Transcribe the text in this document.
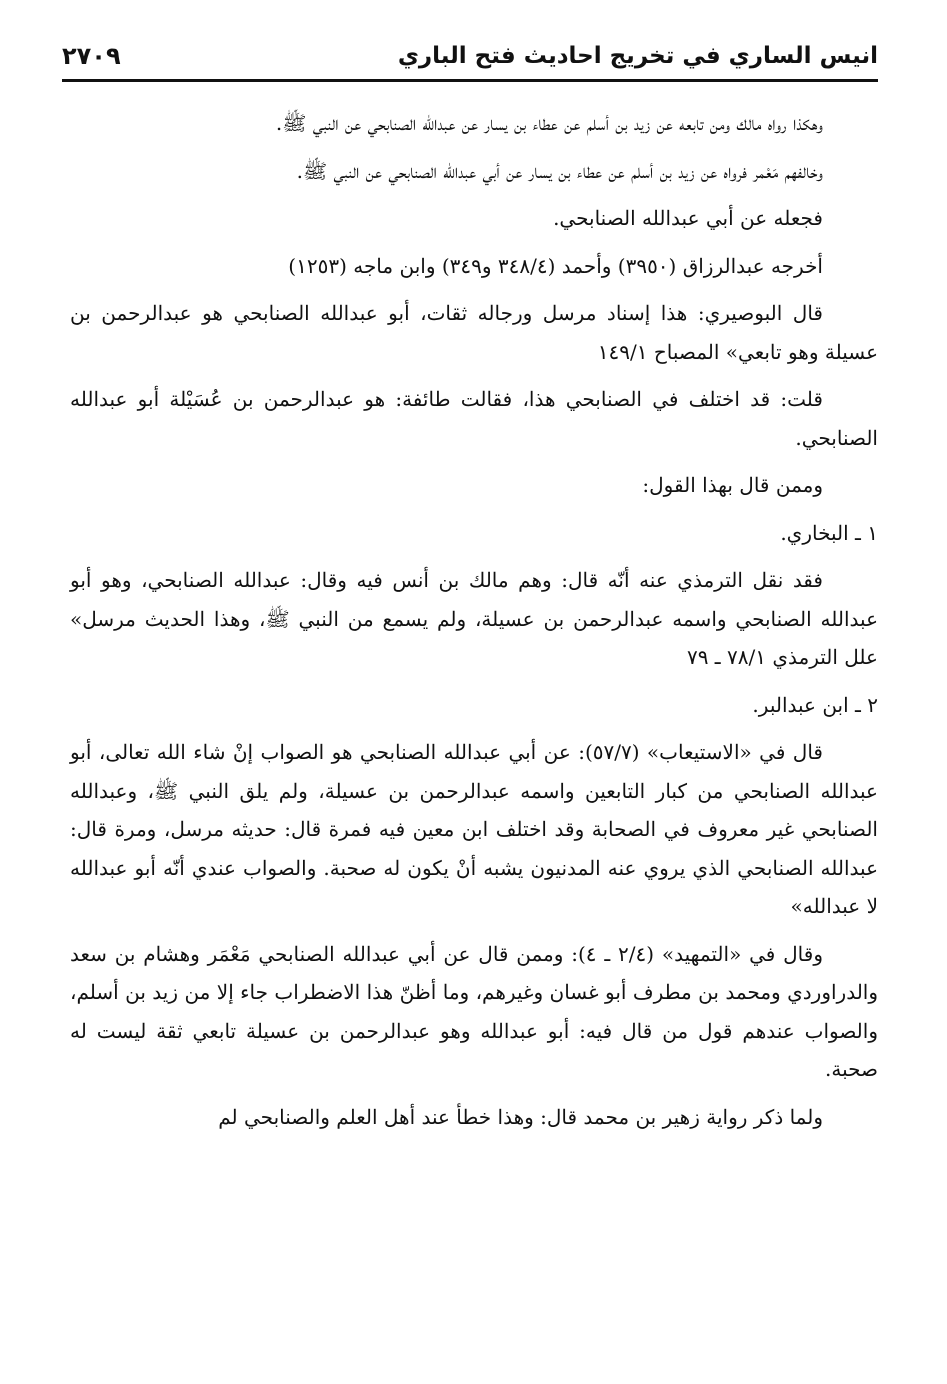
انيس الساري في تخريج احاديث فتح الباري
٢٧٠٩

وهكذا رواه مالك ومن تابعه عن زيد بن أسلم عن عطاء بن يسار عن عبدالله الصنابحي عن النبي ﷺ.

وخالفهم مَعْمر فرواه عن زيد بن أسلم عن عطاء بن يسار عن أبي عبدالله الصنابحي عن النبي ﷺ.

فجعله عن أبي عبدالله الصنابحي.

أخرجه عبدالرزاق (٣٩٥٠) وأحمد (٣٤٨/٤ و٣٤٩) وابن ماجه (١٢٥٣)

قال البوصيري: هذا إسناد مرسل ورجاله ثقات، أبو عبدالله الصنابحي هو عبدالرحمن بن عسيلة وهو تابعي» المصباح ١٤٩/١

قلت: قد اختلف في الصنابحي هذا، فقالت طائفة: هو عبدالرحمن بن عُسَيْلة أبو عبدالله الصنابحي.

وممن قال بهذا القول:

١ ـ البخاري.

فقد نقل الترمذي عنه أنّه قال: وهم مالك بن أنس فيه وقال: عبدالله الصنابحي، وهو أبو عبدالله الصنابحي واسمه عبدالرحمن بن عسيلة، ولم يسمع من النبي ﷺ، وهذا الحديث مرسل» علل الترمذي ٧٨/١ ـ ٧٩

٢ ـ ابن عبدالبر.

قال في «الاستيعاب» (٥٧/٧): عن أبي عبدالله الصنابحي هو الصواب إنْ شاء الله تعالى، أبو عبدالله الصنابحي من كبار التابعين واسمه عبدالرحمن بن عسيلة، ولم يلق النبي ﷺ، وعبدالله الصنابحي غير معروف في الصحابة وقد اختلف ابن معين فيه فمرة قال: حديثه مرسل، ومرة قال: عبدالله الصنابحي الذي يروي عنه المدنيون يشبه أنْ يكون له صحبة. والصواب عندي أنّه أبو عبدالله لا عبدالله»

وقال في «التمهيد» (٢/٤ ـ ٤): وممن قال عن أبي عبدالله الصنابحي مَعْمَر وهشام بن سعد والدراوردي ومحمد بن مطرف أبو غسان وغيرهم، وما أظنّ هذا الاضطراب جاء إلا من زيد بن أسلم، والصواب عندهم قول من قال فيه: أبو عبدالله وهو عبدالرحمن بن عسيلة تابعي ثقة ليست له صحبة.

ولما ذكر رواية زهير بن محمد قال: وهذا خطأ عند أهل العلم والصنابحي لم
